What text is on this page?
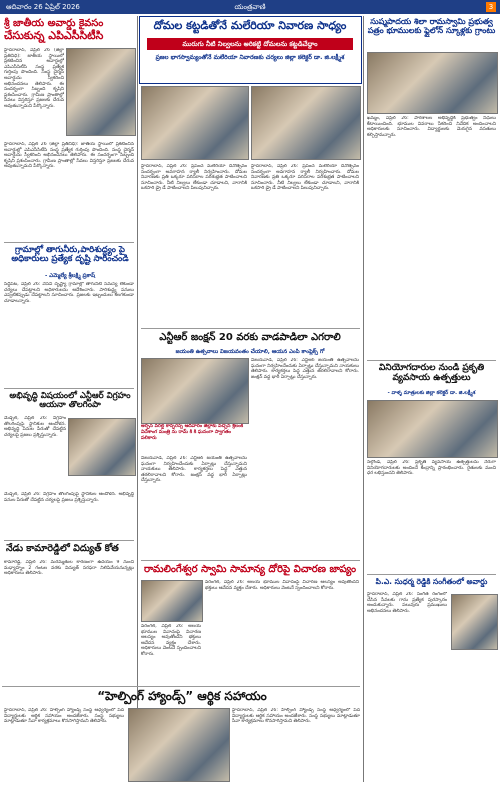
ఆదివారం 26 ఏప్రిల్ 2026	యంత్రవాణి	3
శ్రీ జాతీయ అవార్డు కైవసం
చేసుకున్న ఎపిఎసీసిటీసి
హైదరాబాద్, ఏప్రిల్ 26 (జిల్లా ప్రతినిధి): జాతీయ స్థాయిలో ప్రకటించిన అవార్డుల్లో ఎపిఎసీసిటీసి సంస్థ ప్రత్యేక గుర్తింపు పొందింది. సంస్థ చైర్మన్ అవార్డును స్వీకరించి అభినందనలు తెలిపారు. ఈ సందర్భంగా సిబ్బంది కృషిని ప్రశంసించారు. గ్రామీణ ప్రాంతాల్లో సేవలు విస్తరిస్తూ ప్రజలకు చేరువ అవుతున్నామని పేర్కొన్నారు.
హైదరాబాద్, ఏప్రిల్ 26 (జిల్లా ప్రతినిధి): జాతీయ స్థాయిలో ప్రకటించిన అవార్డుల్లో ఎపిఎసీసిటీసి సంస్థ ప్రత్యేక గుర్తింపు పొందింది. సంస్థ చైర్మన్ అవార్డును స్వీకరించి అభినందనలు తెలిపారు. ఈ సందర్భంగా సిబ్బంది కృషిని ప్రశంసించారు. గ్రామీణ ప్రాంతాల్లో సేవలు విస్తరిస్తూ ప్రజలకు చేరువ అవుతున్నామని పేర్కొన్నారు.
గ్రామాల్లో తాగునీరు,పారిశుద్ధ్యం పై అధికారులు ప్రత్యేక దృష్టి సారించండి
- ఎమ్మెల్యే శ్రీలక్ష్మి ప్రకాష్
సిద్దిపేట, ఏప్రిల్ 26: వేసవి దృష్ట్యా గ్రామాల్లో తాగునీటి సమస్య లేకుండా చర్యలు చేపట్టాలని అధికారులను ఆదేశించారు. పారిశుద్ధ్య పనులు ఎప్పటికప్పుడు చేపట్టాలని సూచించారు. ప్రజలకు ఇబ్బందులు కలగకుండా చూడాలన్నారు.
అభివృద్ధి విషయంలో ఎన్టీఆర్ విగ్రహం ఆయనా తొలగింపా
మేడ్చల్, ఏప్రిల్ 26: విగ్రహం తొలగింపుపై స్థానికుల ఆందోళన. అభివృద్ధి పనుల పేరుతో చేపట్టిన చర్యలపై ప్రజలు ప్రశ్నిస్తున్నారు.
మేడ్చల్, ఏప్రిల్ 26: విగ్రహం తొలగింపుపై స్థానికుల ఆందోళన. అభివృద్ధి పనుల పేరుతో చేపట్టిన చర్యలపై ప్రజలు ప్రశ్నిస్తున్నారు.
నేడు కామారెడ్డిలో విద్యుత్ కోత
కామారెడ్డి, ఏప్రిల్ 26: మరమ్మతుల కారణంగా ఉదయం 9 నుంచి మధ్యాహ్నం 2 గంటల వరకు విద్యుత్ సరఫరా నిలిపివేయనున్నట్లు అధికారులు తెలిపారు.
దోమల కట్టడితోనే మలేరియా నివారణ సాధ్యం
మురుగు నీటి నిల్వలను అరికట్టి దోమలను కట్టడిచేద్దాం
ప్రజల భాగస్వామ్యంతోనే మలేరియా నివారణకు చర్యలు జిల్లా కలెక్టర్ డా. జి.లక్ష్మీశ
హైదరాబాద్, ఏప్రిల్ 26: ప్రపంచ మలేరియా దినోత్సవం సందర్భంగా అవగాహన ర్యాలీ నిర్వహించారు. దోమల నివారణకు ప్రతి ఒక్కరూ పరిసరాల పరిశుభ్రత పాటించాలని సూచించారు. నీటి నిల్వలు లేకుండా చూడాలని, వారానికి ఒకసారి డ్రై డే పాటించాలని పిలుపునిచ్చారు.
హైదరాబాద్, ఏప్రిల్ 26: ప్రపంచ మలేరియా దినోత్సవం సందర్భంగా అవగాహన ర్యాలీ నిర్వహించారు. దోమల నివారణకు ప్రతి ఒక్కరూ పరిసరాల పరిశుభ్రత పాటించాలని సూచించారు. నీటి నిల్వలు లేకుండా చూడాలని, వారానికి ఒకసారి డ్రై డే పాటించాలని పిలుపునిచ్చారు.
ఎన్టీఆర్ జంక్షన్ 20 వరకు వాడపాడిలా ఎగరాలి
జయంతి ఉత్సవాలు విజయవంతం చేయాలి, ఆయన ఎంపి కాంప్లెక్స్ గో
అర్ఫన్ వరల్డ్ కాన్ఫరెన్స్ ఆదివారం జిల్లాకు వచ్చిన శ్రీలంక విదేశాంగ మంత్రి ను రామ్ కి కి ఘనంగా స్వాగతం పలికారు
విజయవాడ, ఏప్రిల్ 26: ఎన్టీఆర్ జయంతి ఉత్సవాలను ఘనంగా నిర్వహించేందుకు ఏర్పాట్లు చేస్తున్నామని నాయకులు తెలిపారు. కార్యకర్తలు పెద్ద ఎత్తున తరలిరావాలని కోరారు. జంక్షన్ వద్ద భారీ ఏర్పాట్లు చేస్తున్నారు.
విజయవాడ, ఏప్రిల్ 26: ఎన్టీఆర్ జయంతి ఉత్సవాలను ఘనంగా నిర్వహించేందుకు ఏర్పాట్లు చేస్తున్నామని నాయకులు తెలిపారు. కార్యకర్తలు పెద్ద ఎత్తున తరలిరావాలని కోరారు. జంక్షన్ వద్ద భారీ ఏర్పాట్లు చేస్తున్నారు.
రామలింగేశ్వర స్వామి సామాన్య దోరిపై విచారణ జాప్యం
వరంగల్, ఏప్రిల్ 26: ఆలయ భూముల వివాదంపై విచారణ ఆలస్యం అవుతోందని భక్తులు ఆవేదన వ్యక్తం చేశారు. అధికారులు వెంటనే స్పందించాలని కోరారు.
వరంగల్, ఏప్రిల్ 26: ఆలయ భూముల వివాదంపై విచారణ ఆలస్యం అవుతోందని భక్తులు ఆవేదన వ్యక్తం చేశారు. అధికారులు వెంటనే స్పందించాలని కోరారు.
సుష్మపాదయ శిలా రామస్వామి ప్రభుత్వ పత్రం భూములకు ఫ్లైలోన్ స్కూళ్లకు గ్రాంటు
ఖమ్మం, ఏప్రిల్ 26: పాఠశాలల అభివృద్ధికి ప్రభుత్వం నిధులు కేటాయించింది. భూముల వివరాలు సేకరించి నివేదిక అందించాలని అధికారులకు సూచించారు. విద్యార్థులకు మెరుగైన వసతులు కల్పిస్తామన్నారు.
వినియోగదారుల నుండి ప్రకృతి వ్యవసాయ ఉత్పత్తులు
- వాళ్ళ మాత్రులకు జిల్లా కలెక్టర్ డా. జి.లక్ష్మీశ
నల్గొండ, ఏప్రిల్ 26: ప్రకృతి వ్యవసాయ ఉత్పత్తులను నేరుగా వినియోగదారులకు అందించే కేంద్రాన్ని ప్రారంభించారు. రైతులకు మంచి ధర లభిస్తుందని తెలిపారు.
పి.ఎ. సుధర్మ రెడ్డికి సంగీతంలో అవార్డు
హైదరాబాద్, ఏప్రిల్ 26: సంగీత రంగంలో చేసిన సేవలకు గాను ప్రత్యేక పురస్కారం అందుకున్నారు. పలువురు ప్రముఖులు అభినందనలు తెలిపారు.
“హెల్పింగ్ హ్యాండ్స్” ఆర్థిక సహాయం
హైదరాబాద్, ఏప్రిల్ 26: హెల్పింగ్ హ్యాండ్స్ సంస్థ ఆధ్వర్యంలో పేద విద్యార్థులకు ఆర్థిక సహాయం అందజేశారు. సంస్థ సభ్యులు మాట్లాడుతూ సేవా కార్యక్రమాలు కొనసాగిస్తామని తెలిపారు.
హైదరాబాద్, ఏప్రిల్ 26: హెల్పింగ్ హ్యాండ్స్ సంస్థ ఆధ్వర్యంలో పేద విద్యార్థులకు ఆర్థిక సహాయం అందజేశారు. సంస్థ సభ్యులు మాట్లాడుతూ సేవా కార్యక్రమాలు కొనసాగిస్తామని తెలిపారు.
